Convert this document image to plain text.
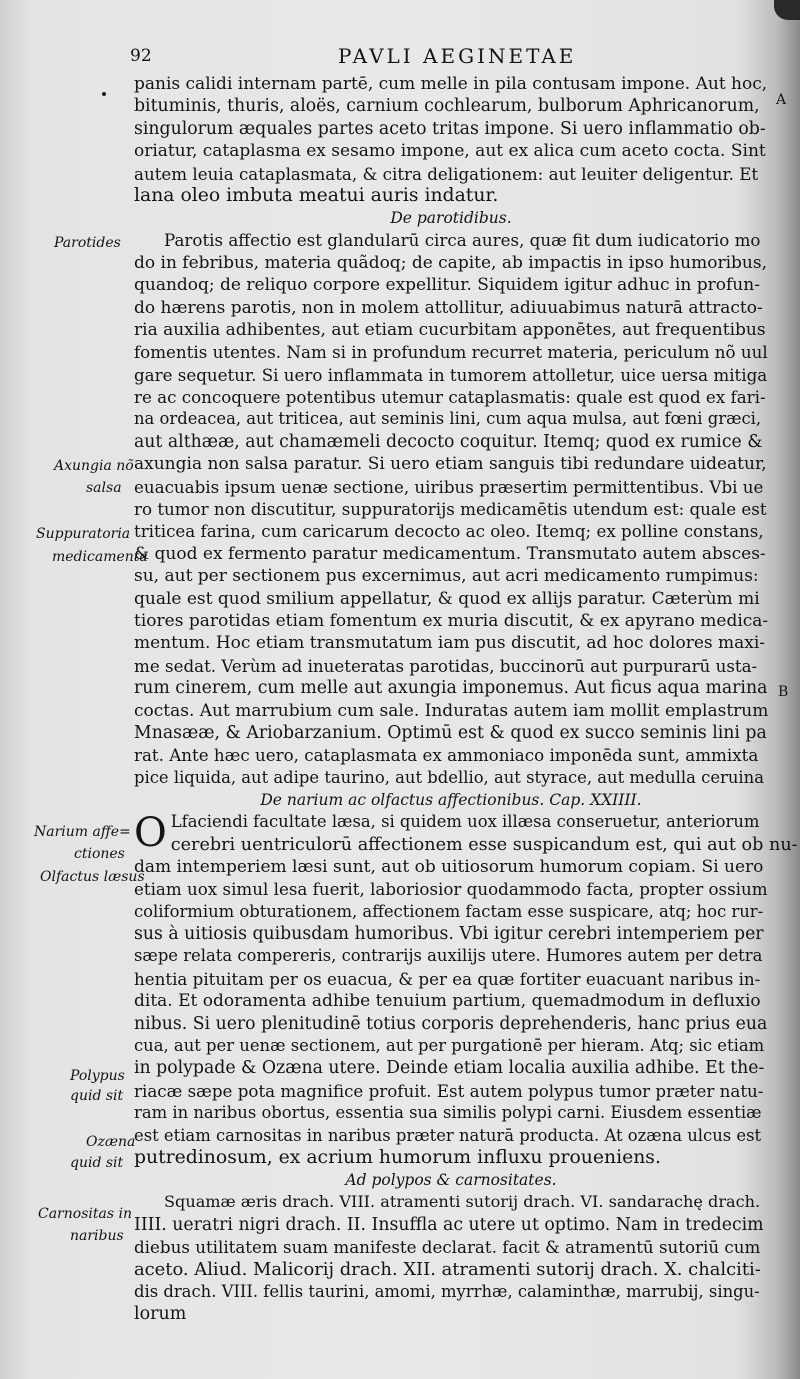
92	PAVLI AEGINETAE
Parotides
Axungia nõ
salsa
Suppuratoria
medicamenta
Narium affe=
ctiones
Olfactus læsus
Polypus
quid sit
Ozæna
quid sit
Carnositas in
naribus
A
B
panis calidi internam partē, cum melle in pila contusam impone. Aut hoc,
bituminis, thuris, aloës, carnium cochlearum, bulborum Aphricanorum,
singulorum æquales partes aceto tritas impone. Si uero inflammatio ob-
oriatur, cataplasma ex sesamo impone, aut ex alica cum aceto cocta. Sint
autem leuia cataplasmata, & citra deligationem: aut leuiter deligentur. Et
lana oleo imbuta meatui auris indatur.
De parotidibus.
Parotis affectio est glandularū circa aures, quæ fit dum iudicatorio mo
do in febribus, materia quãdoq; de capite, ab impactis in ipso humoribus,
quandoq; de reliquo corpore expellitur. Siquidem igitur adhuc in profun-
do hærens parotis, non in molem attollitur, adiuuabimus naturā attracto-
ria auxilia adhibentes, aut etiam cucurbitam apponētes, aut frequentibus
fomentis utentes. Nam si in profundum recurret materia, periculum nõ uul
gare sequetur. Si uero inflammata in tumorem attolletur, uice uersa mitiga
re ac concoquere potentibus utemur cataplasmatis: quale est quod ex fari-
na ordeacea, aut triticea, aut seminis lini, cum aqua mulsa, aut fœni græci,
aut althææ, aut chamæmeli decocto coquitur. Itemq; quod ex rumice &
axungia non salsa paratur. Si uero etiam sanguis tibi redundare uideatur,
euacuabis ipsum uenæ sectione, uiribus præsertim permittentibus. Vbi ue
ro tumor non discutitur, suppuratorijs medicamētis utendum est: quale est
triticea farina, cum caricarum decocto ac oleo. Itemq; ex polline constans,
& quod ex fermento paratur medicamentum. Transmutato autem absces-
su, aut per sectionem pus excernimus, aut acri medicamento rumpimus:
quale est quod smilium appellatur, & quod ex allijs paratur. Cæterùm mi
tiores parotidas etiam fomentum ex muria discutit, & ex apyrano medica-
mentum. Hoc etiam transmutatum iam pus discutit, ad hoc dolores maxi-
me sedat. Verùm ad inueteratas parotidas, buccinorū aut purpurarū usta-
rum cinerem, cum melle aut axungia imponemus. Aut ficus aqua marina
coctas. Aut marrubium cum sale. Induratas autem iam mollit emplastrum
Mnasææ, & Ariobarzanium. Optimū est & quod ex succo seminis lini pa
rat. Ante hæc uero, cataplasmata ex ammoniaco imponēda sunt, ammixta
pice liquida, aut adipe taurino, aut bdellio, aut styrace, aut medulla ceruina
De narium ac olfactus affectionibus. Cap. XXIIII.
O Lfaciendi facultate læsa, si quidem uox illæsa conseruetur, anteriorum
cerebri uentriculorū affectionem esse suspicandum est, qui aut ob nu-
dam intemperiem læsi sunt, aut ob uitiosorum humorum copiam. Si uero
etiam uox simul lesa fuerit, laboriosior quodammodo facta, propter ossium
coliformium obturationem, affectionem factam esse suspicare, atq; hoc rur-
sus à uitiosis quibusdam humoribus. Vbi igitur cerebri intemperiem per
sæpe relata compereris, contrarijs auxilijs utere. Humores autem per detra
hentia pituitam per os euacua, & per ea quæ fortiter euacuant naribus in-
dita. Et odoramenta adhibe tenuium partium, quemadmodum in defluxio
nibus. Si uero plenitudinē totius corporis deprehenderis, hanc prius eua
cua, aut per uenæ sectionem, aut per purgationē per hieram. Atq; sic etiam
in polypade & Ozæna utere. Deinde etiam localia auxilia adhibe. Et the-
riacæ sæpe pota magnifice profuit. Est autem polypus tumor præter natu-
ram in naribus obortus, essentia sua similis polypi carni. Eiusdem essentiæ
est etiam carnositas in naribus præter naturā producta. At ozæna ulcus est
putredinosum, ex acrium humorum influxu proueniens.
Ad polypos & carnositates.
Squamæ æris drach. VIII. atramenti sutorij drach. VI. sandarachę drach.
IIII. ueratri nigri drach. II. Insuffla ac utere ut optimo. Nam in tredecim
diebus utilitatem suam manifeste declarat. facit & atramentū sutoriū cum
aceto. Aliud. Malicorij drach. XII. atramenti sutorij drach. X. chalciti-
dis drach. VIII. fellis taurini, amomi, myrrhæ, calaminthæ, marrubij, singu-
lorum
